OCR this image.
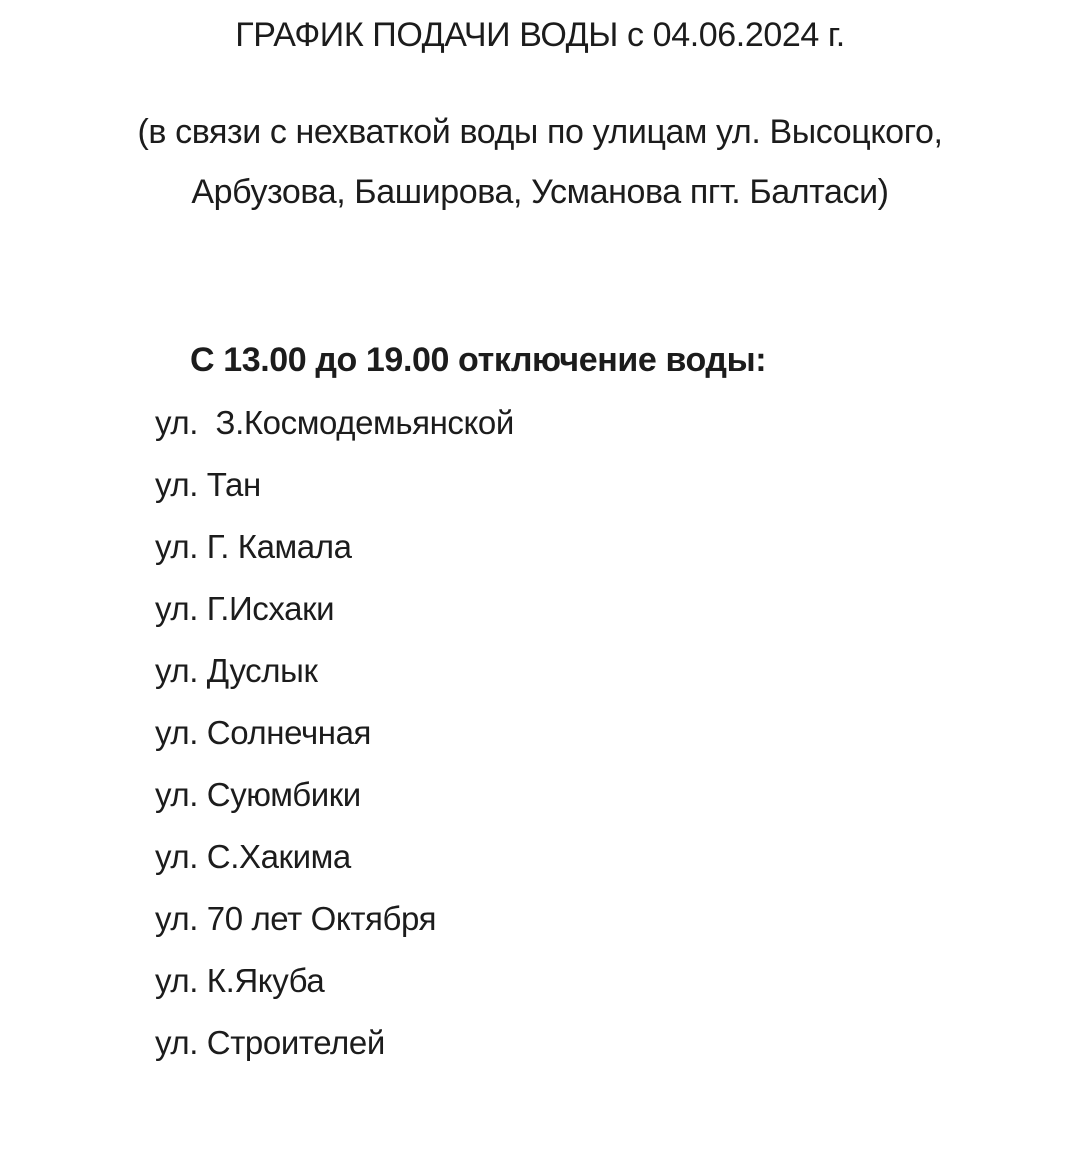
ГРАФИК ПОДАЧИ ВОДЫ с 04.06.2024 г.
(в связи с нехваткой воды по улицам ул. Высоцкого,
Арбузова, Баширова, Усманова пгт. Балтаси)
С 13.00 до 19.00 отключение воды:
ул.  З.Космодемьянской
ул. Тан
ул. Г. Камала
ул. Г.Исхаки
ул. Дуслык
ул. Солнечная
ул. Суюмбики
ул. С.Хакима
ул. 70 лет Октября
ул. К.Якуба
ул. Строителей
